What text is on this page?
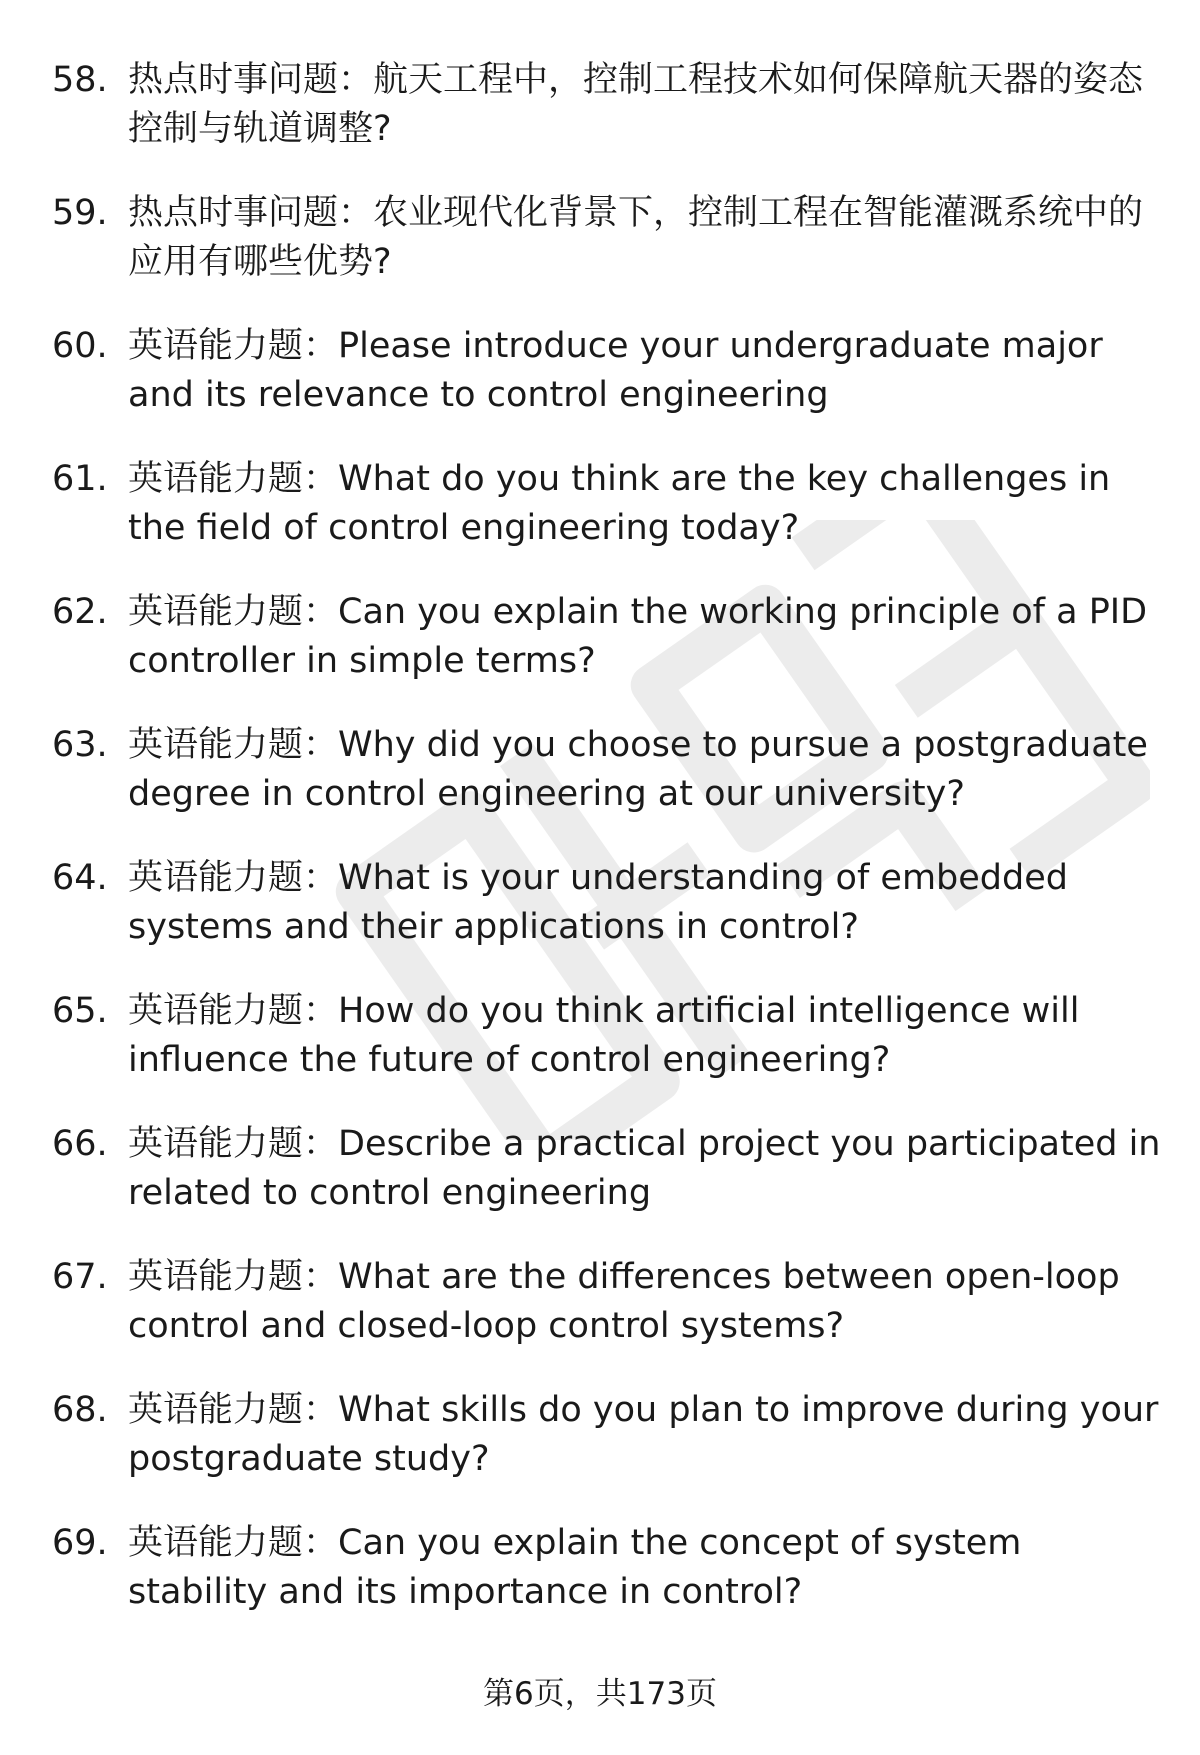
58. 热点时事问题：航天工程中，控制工程技术如何保障航天器的姿态控制与轨道调整?
59. 热点时事问题：农业现代化背景下，控制工程在智能灌溉系统中的应用有哪些优势?
60. 英语能力题：Please introduce your undergraduate major and its relevance to control engineering
61. 英语能力题：What do you think are the key challenges in the field of control engineering today?
62. 英语能力题：Can you explain the working principle of a PID controller in simple terms?
63. 英语能力题：Why did you choose to pursue a postgraduate degree in control engineering at our university?
64. 英语能力题：What is your understanding of embedded systems and their applications in control?
65. 英语能力题：How do you think artificial intelligence will influence the future of control engineering?
66. 英语能力题：Describe a practical project you participated in related to control engineering
67. 英语能力题：What are the differences between open-loop control and closed-loop control systems?
68. 英语能力题：What skills do you plan to improve during your postgraduate study?
69. 英语能力题：Can you explain the concept of system stability and its importance in control?
第6页，共173页
